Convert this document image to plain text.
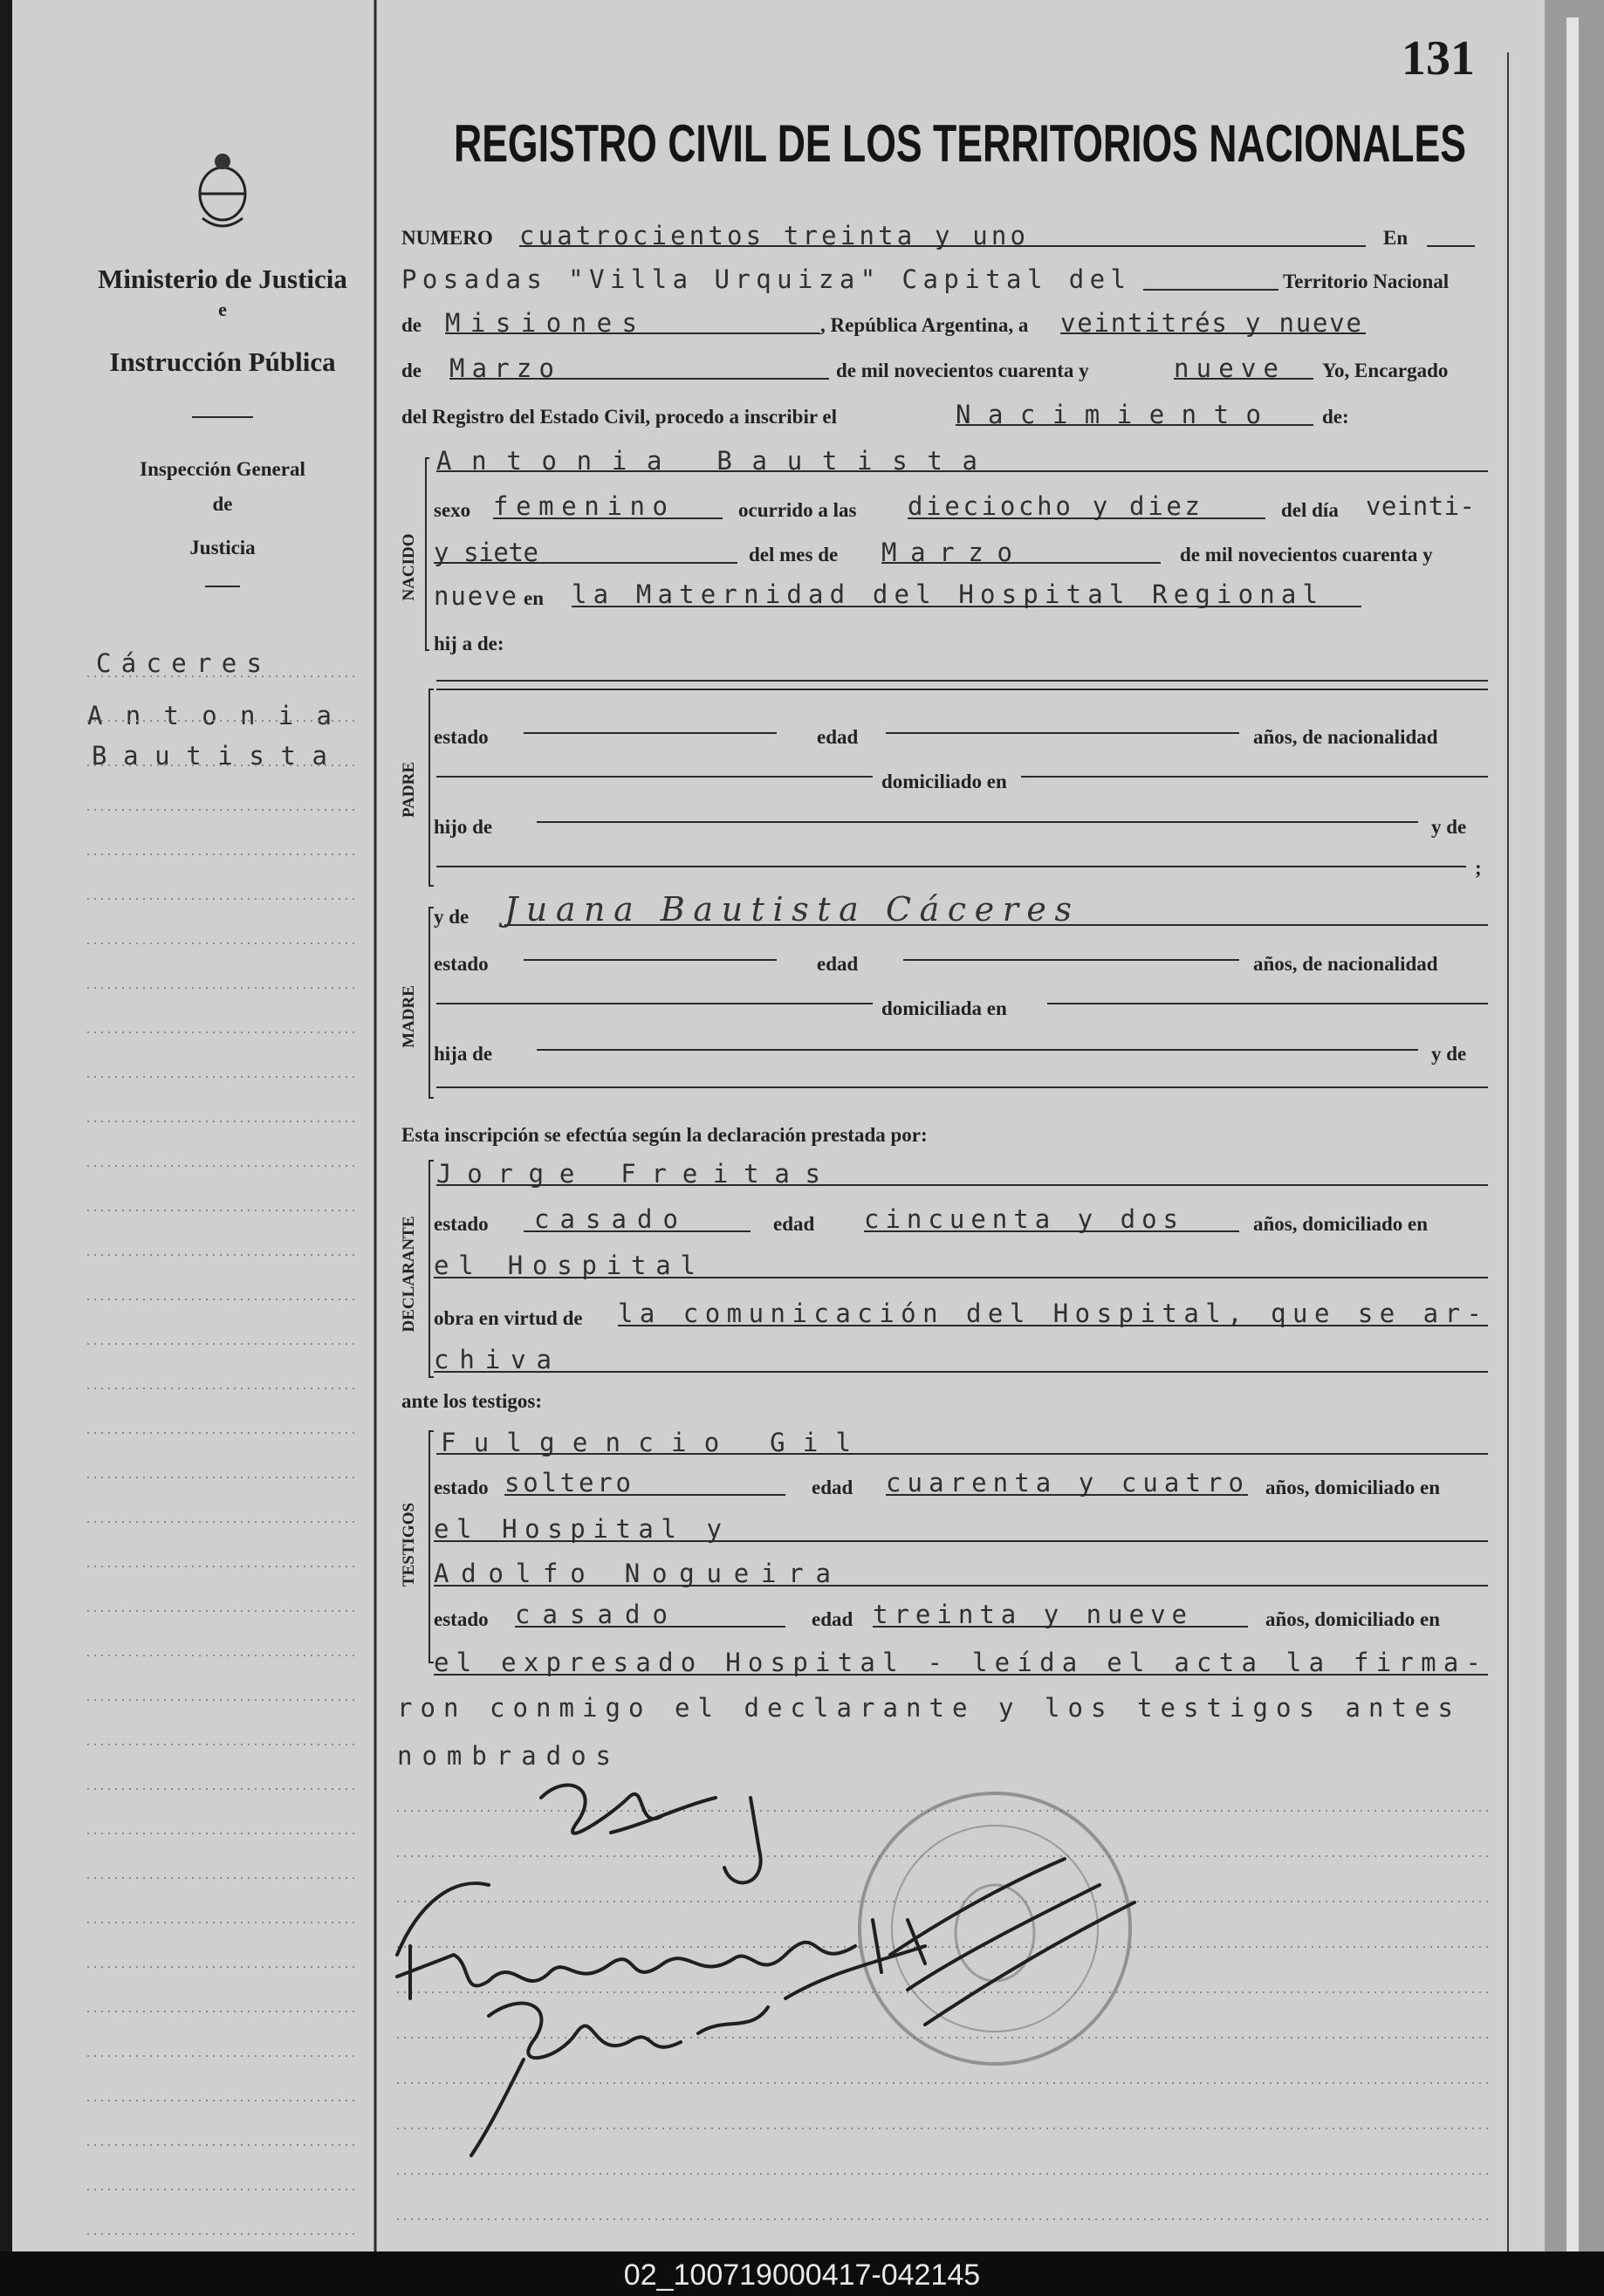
131
REGISTRO CIVIL DE LOS TERRITORIOS NACIONALES
Ministerio de Justicia
e
Instrucción Pública
Inspección General
de
Justicia
Cáceres
Antonia
Bautista
NUMERO cuatrocientos treinta y uno	En
Posadas "Villa Urquiza" Capital del	Territorio Nacional
de Misiones	, República Argentina, a veintitrés y nueve
de Marzo	de mil novecientos cuarenta y	nueve Yo, Encargado
del Registro del Estado Civil, procedo a inscribir el	Nacimiento	de:
NACIDO
Antonia Bautista
sexo femenino	ocurrido a las dieciocho y diez	del día veinti-
y siete	del mes de Marzo	de mil novecientos cuarenta y
nueve en la Maternidad del Hospital Regional
hij a de:
PADRE
estado	edad	años, de nacionalidad
domiciliado en
hijo de	y de
;
MADRE
y de Juana Bautista Cáceres
estado	edad	años, de nacionalidad
domiciliada en
hija de	y de
Esta inscripción se efectúa según la declaración prestada por:
DECLARANTE
Jorge Freitas
estado casado	edad cincuenta y dos	años, domiciliado en
el Hospital
obra en virtud de la comunicación del Hospital, que se ar-
chiva
ante los testigos:
TESTIGOS
Fulgencio Gil
estado soltero	edad cuarenta y cuatro años, domiciliado en
el Hospital y
Adolfo Nogueira
estado casado	edad treinta y nueve	años, domiciliado en
el expresado Hospital - leída el acta la firma-
ron conmigo el declarante y los testigos antes
nombrados
02_100719000417-042145
